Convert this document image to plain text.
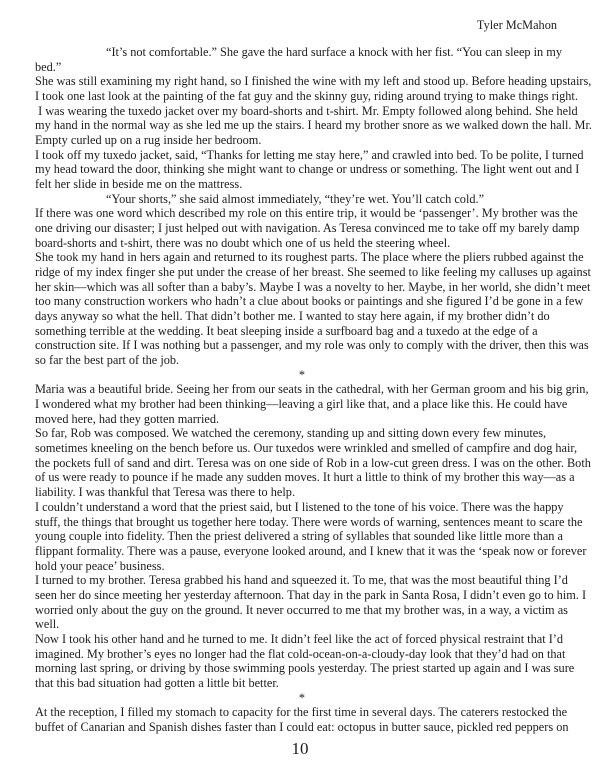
Tyler McMahon
“It’s not comfortable.” She gave the hard surface a knock with her fist. “You can sleep in my
bed.”
She was still examining my right hand, so I finished the wine with my left and stood up. Before heading upstairs,
I took one last look at the painting of the fat guy and the skinny guy, riding around trying to make things right.
I was wearing the tuxedo jacket over my board-shorts and t-shirt. Mr. Empty followed along behind. She held
my hand in the normal way as she led me up the stairs. I heard my brother snore as we walked down the hall. Mr.
Empty curled up on a rug inside her bedroom.
I took off my tuxedo jacket, said, “Thanks for letting me stay here,” and crawled into bed. To be polite, I turned
my head toward the door, thinking she might want to change or undress or something. The light went out and I
felt her slide in beside me on the mattress.
“Your shorts,” she said almost immediately, “they’re wet. You’ll catch cold.”
If there was one word which described my role on this entire trip, it would be ‘passenger’. My brother was the
one driving our disaster; I just helped out with navigation. As Teresa convinced me to take off my barely damp
board-shorts and t-shirt, there was no doubt which one of us held the steering wheel.
She took my hand in hers again and returned to its roughest parts. The place where the pliers rubbed against the
ridge of my index finger she put under the crease of her breast. She seemed to like feeling my calluses up against
her skin—which was all softer than a baby’s. Maybe I was a novelty to her. Maybe, in her world, she didn’t meet
too many construction workers who hadn’t a clue about books or paintings and she figured I’d be gone in a few
days anyway so what the hell. That didn’t bother me. I wanted to stay here again, if my brother didn’t do
something terrible at the wedding. It beat sleeping inside a surfboard bag and a tuxedo at the edge of a
construction site. If I was nothing but a passenger, and my role was only to comply with the driver, then this was
so far the best part of the job.
*
Maria was a beautiful bride. Seeing her from our seats in the cathedral, with her German groom and his big grin,
I wondered what my brother had been thinking—leaving a girl like that, and a place like this. He could have
moved here, had they gotten married.
So far, Rob was composed. We watched the ceremony, standing up and sitting down every few minutes,
sometimes kneeling on the bench before us. Our tuxedos were wrinkled and smelled of campfire and dog hair,
the pockets full of sand and dirt. Teresa was on one side of Rob in a low-cut green dress. I was on the other. Both
of us were ready to pounce if he made any sudden moves. It hurt a little to think of my brother this way—as a
liability. I was thankful that Teresa was there to help.
I couldn’t understand a word that the priest said, but I listened to the tone of his voice. There was the happy
stuff, the things that brought us together here today. There were words of warning, sentences meant to scare the
young couple into fidelity. Then the priest delivered a string of syllables that sounded like little more than a
flippant formality. There was a pause, everyone looked around, and I knew that it was the ‘speak now or forever
hold your peace’ business.
I turned to my brother. Teresa grabbed his hand and squeezed it. To me, that was the most beautiful thing I’d
seen her do since meeting her yesterday afternoon. That day in the park in Santa Rosa, I didn’t even go to him. I
worried only about the guy on the ground. It never occurred to me that my brother was, in a way, a victim as
well.
Now I took his other hand and he turned to me. It didn’t feel like the act of forced physical restraint that I’d
imagined. My brother’s eyes no longer had the flat cold-ocean-on-a-cloudy-day look that they’d had on that
morning last spring, or driving by those swimming pools yesterday. The priest started up again and I was sure
that this bad situation had gotten a little bit better.
*
At the reception, I filled my stomach to capacity for the first time in several days. The caterers restocked the
buffet of Canarian and Spanish dishes faster than I could eat: octopus in butter sauce, pickled red peppers on
10
